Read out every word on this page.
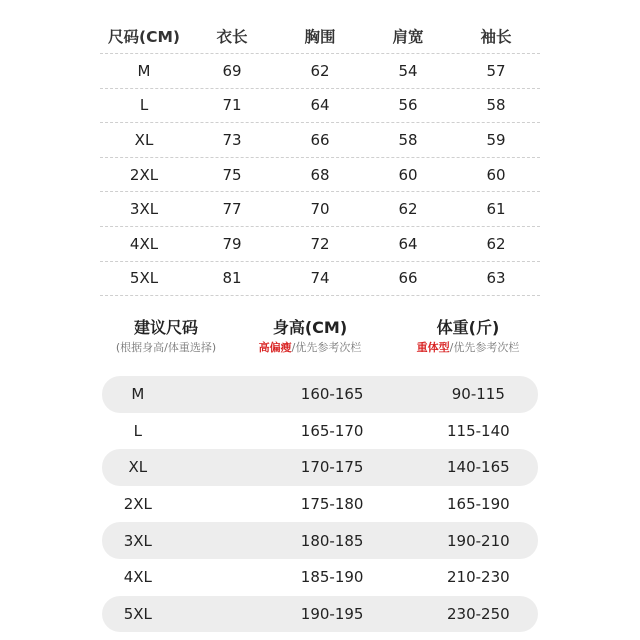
尺码(CM)	衣长	胸围	肩宽	袖长
M	69	62	54	57
L	71	64	56	58
XL	73	66	58	59
2XL	75	68	60	60
3XL	77	70	62	61
4XL	79	72	64	62
5XL	81	74	66	63
建议尺码
(根据身高/体重选择)
身高(CM)
高偏瘦/优先参考次栏
体重(斤)
重体型/优先参考次栏
M	160-165	90-115
L	165-170	115-140
XL	170-175	140-165
2XL	175-180	165-190
3XL	180-185	190-210
4XL	185-190	210-230
5XL	190-195	230-250
